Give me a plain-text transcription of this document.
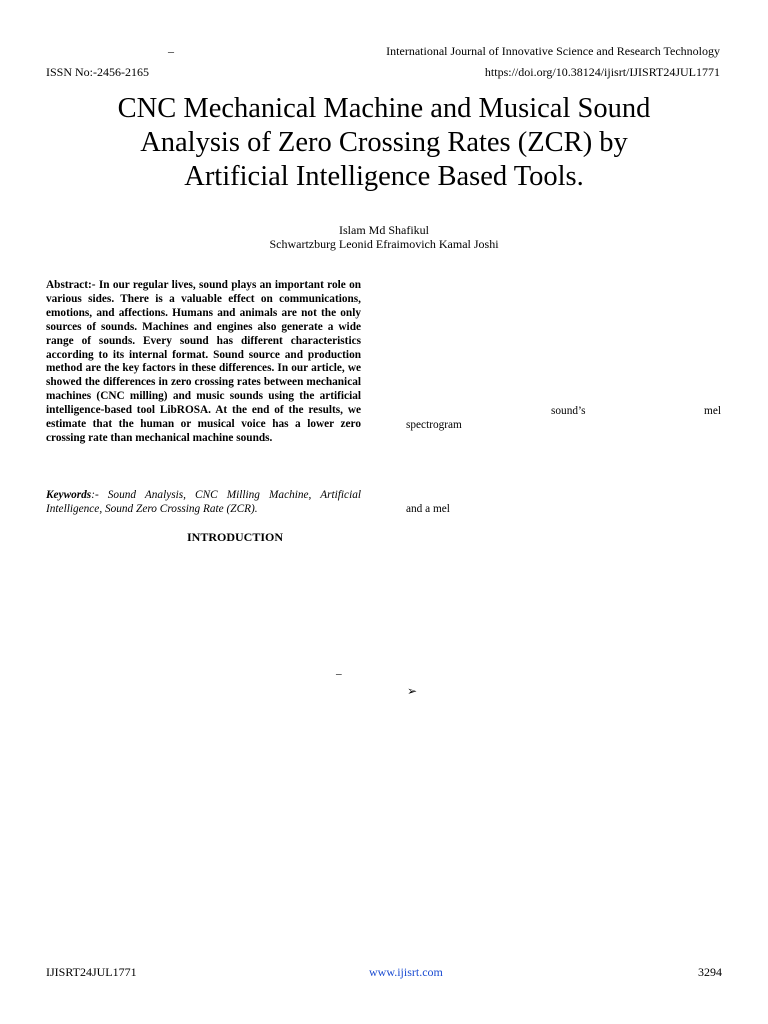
–	International Journal of Innovative Science and Research Technology
ISSN No:-2456-2165	https://doi.org/10.38124/ijisrt/IJISRT24JUL1771
CNC Mechanical Machine and Musical Sound
Analysis of Zero Crossing Rates (ZCR) by
Artificial Intelligence Based Tools.
Islam Md Shafikul
Schwartzburg Leonid Efraimovich Kamal Joshi
Abstract:- In our regular lives, sound plays an important role on various sides. There is a valuable effect on communications, emotions, and affections. Humans and animals are not the only sources of sounds. Machines and engines also generate a wide range of sounds. Every sound has different characteristics according to its internal format. Sound source and production method are the key factors in these differences. In our article, we showed the differences in zero crossing rates between mechanical machines (CNC milling) and music sounds using the artificial intelligence-based tool LibROSA. At the end of the results, we estimate that the human or musical voice has a lower zero crossing rate than mechanical machine sounds.
Keywords:- Sound Analysis, CNC Milling Machine, Artificial Intelligence, Sound Zero Crossing Rate (ZCR).
INTRODUCTION
–
sound’s	mel
spectrogram
and a mel
➢
IJISRT24JUL1771	www.ijisrt.com	3294
